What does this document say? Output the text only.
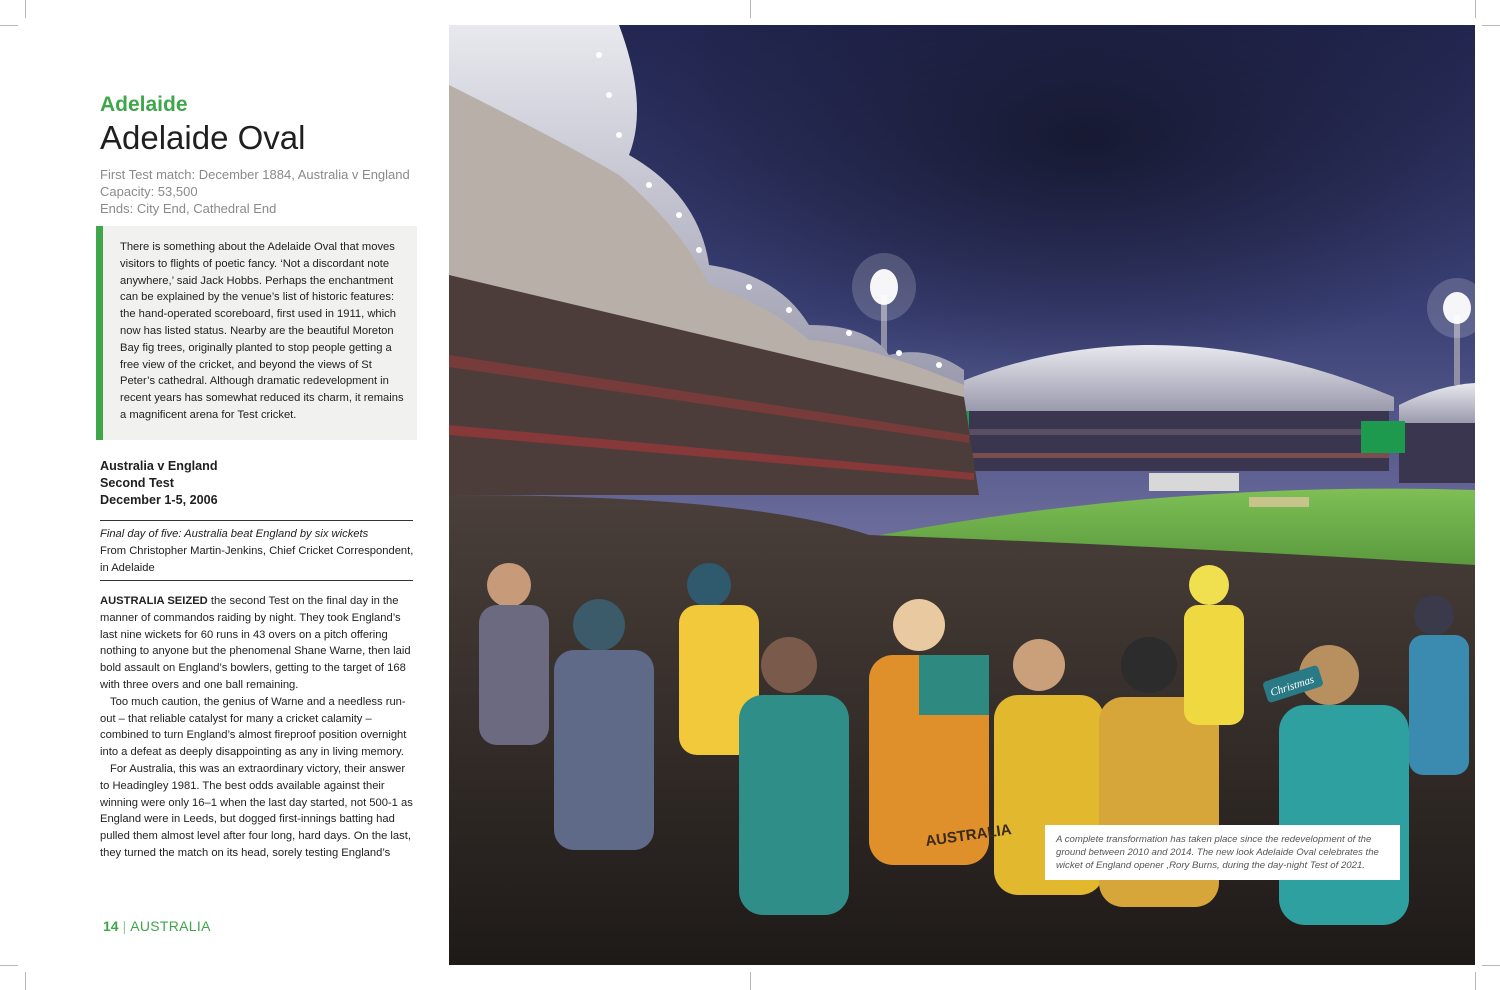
Adelaide
Adelaide Oval
First Test match: December 1884, Australia v England
Capacity: 53,500
Ends: City End, Cathedral End
There is something about the Adelaide Oval that moves visitors to flights of poetic fancy. ‘Not a discordant note anywhere,’ said Jack Hobbs. Perhaps the enchantment can be explained by the venue’s list of historic features: the hand-operated scoreboard, first used in 1911, which now has listed status. Nearby are the beautiful Moreton Bay fig trees, originally planted to stop people getting a free view of the cricket, and beyond the views of St Peter’s cathedral. Although dramatic redevelopment in recent years has somewhat reduced its charm, it remains a magnificent arena for Test cricket.
Australia v England
Second Test
December 1-5, 2006
Final day of five: Australia beat England by six wickets
From Christopher Martin-Jenkins, Chief Cricket Correspondent, in Adelaide

AUSTRALIA SEIZED the second Test on the final day in the manner of commandos raiding by night. They took England’s last nine wickets for 60 runs in 43 overs on a pitch offering nothing to anyone but the phenomenal Shane Warne, then laid bold assault on England’s bowlers, getting to the target of 168 with three overs and one ball remaining.

Too much caution, the genius of Warne and a needless run-out – that reliable catalyst for many a cricket calamity – combined to turn England’s almost fireproof position overnight into a defeat as deeply disappointing as any in living memory.

For Australia, this was an extraordinary victory, their answer to Headingley 1981. The best odds available against their winning were only 16–1 when the last day started, not 500-1 as England were in Leeds, but dogged first-innings batting had pulled them almost level after four long, hard days. On the last, they turned the match on its head, sorely testing England’s

14 | AUSTRALIA
Christmas
AUSTRALIA	A complete transformation has taken place since the redevelopment of the ground between 2010 and 2014. The new look Adelaide Oval celebrates the wicket of England opener ,Rory Burns, during the day-night Test of 2021.
